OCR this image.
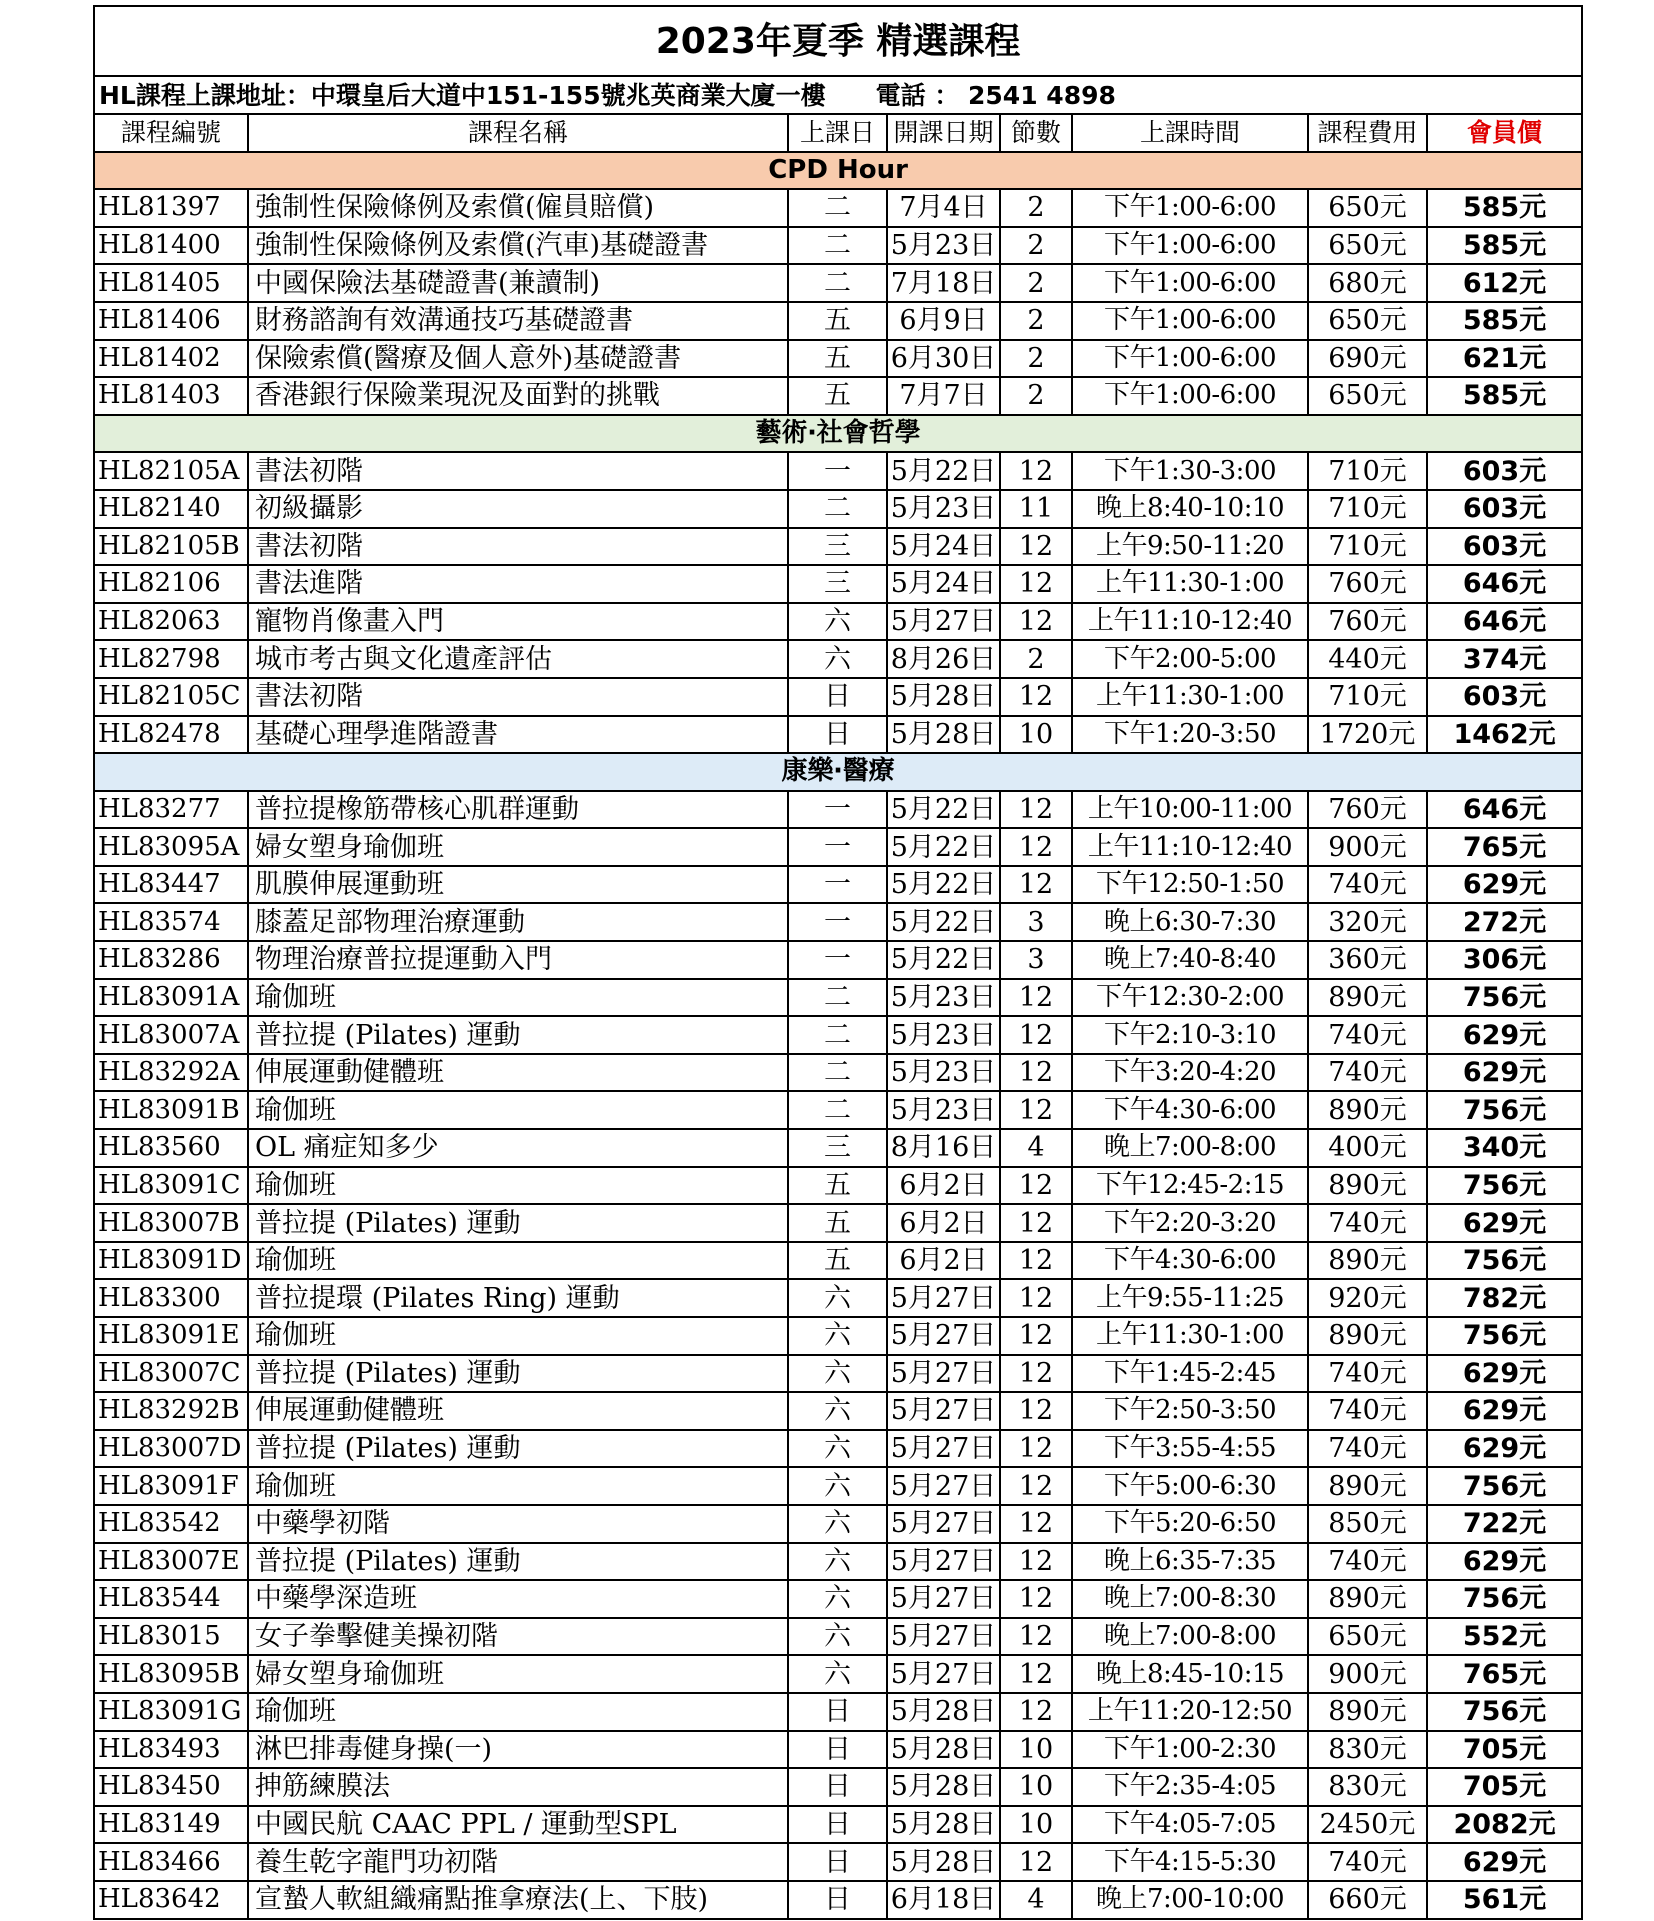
2023年夏季 精選課程							
HL課程上課地址：中環皇后大道中151-155號兆英商業大廈一樓 電話 ： 2541 4898							
課程編號	課程名稱	上課日	開課日期	節數	上課時間	課程費用	會員價
CPD Hour							
HL81397	強制性保險條例及索償(僱員賠償)	二	7月4日	2	下午1:00-6:00	650元	585元
HL81400	強制性保險條例及索償(汽車)基礎證書	二	5月23日	2	下午1:00-6:00	650元	585元
HL81405	中國保險法基礎證書(兼讀制)	二	7月18日	2	下午1:00-6:00	680元	612元
HL81406	財務諮詢有效溝通技巧基礎證書	五	6月9日	2	下午1:00-6:00	650元	585元
HL81402	保險索償(醫療及個人意外)基礎證書	五	6月30日	2	下午1:00-6:00	690元	621元
HL81403	香港銀行保險業現況及面對的挑戰	五	7月7日	2	下午1:00-6:00	650元	585元
藝術‧社會哲學							
HL82105A	書法初階	一	5月22日	12	下午1:30-3:00	710元	603元
HL82140	初級攝影	二	5月23日	11	晚上8:40-10:10	710元	603元
HL82105B	書法初階	三	5月24日	12	上午9:50-11:20	710元	603元
HL82106	書法進階	三	5月24日	12	上午11:30-1:00	760元	646元
HL82063	寵物肖像畫入門	六	5月27日	12	上午11:10-12:40	760元	646元
HL82798	城市考古與文化遺產評估	六	8月26日	2	下午2:00-5:00	440元	374元
HL82105C	書法初階	日	5月28日	12	上午11:30-1:00	710元	603元
HL82478	基礎心理學進階證書	日	5月28日	10	下午1:20-3:50	1720元	1462元
康樂‧醫療							
HL83277	普拉提橡筋帶核心肌群運動	一	5月22日	12	上午10:00-11:00	760元	646元
HL83095A	婦女塑身瑜伽班	一	5月22日	12	上午11:10-12:40	900元	765元
HL83447	肌膜伸展運動班	一	5月22日	12	下午12:50-1:50	740元	629元
HL83574	膝蓋足部物理治療運動	一	5月22日	3	晚上6:30-7:30	320元	272元
HL83286	物理治療普拉提運動入門	一	5月22日	3	晚上7:40-8:40	360元	306元
HL83091A	瑜伽班	二	5月23日	12	下午12:30-2:00	890元	756元
HL83007A	普拉提 (Pilates) 運動	二	5月23日	12	下午2:10-3:10	740元	629元
HL83292A	伸展運動健體班	二	5月23日	12	下午3:20-4:20	740元	629元
HL83091B	瑜伽班	二	5月23日	12	下午4:30-6:00	890元	756元
HL83560	OL 痛症知多少	三	8月16日	4	晚上7:00-8:00	400元	340元
HL83091C	瑜伽班	五	6月2日	12	下午12:45-2:15	890元	756元
HL83007B	普拉提 (Pilates) 運動	五	6月2日	12	下午2:20-3:20	740元	629元
HL83091D	瑜伽班	五	6月2日	12	下午4:30-6:00	890元	756元
HL83300	普拉提環 (Pilates Ring) 運動	六	5月27日	12	上午9:55-11:25	920元	782元
HL83091E	瑜伽班	六	5月27日	12	上午11:30-1:00	890元	756元
HL83007C	普拉提 (Pilates) 運動	六	5月27日	12	下午1:45-2:45	740元	629元
HL83292B	伸展運動健體班	六	5月27日	12	下午2:50-3:50	740元	629元
HL83007D	普拉提 (Pilates) 運動	六	5月27日	12	下午3:55-4:55	740元	629元
HL83091F	瑜伽班	六	5月27日	12	下午5:00-6:30	890元	756元
HL83542	中藥學初階	六	5月27日	12	下午5:20-6:50	850元	722元
HL83007E	普拉提 (Pilates) 運動	六	5月27日	12	晚上6:35-7:35	740元	629元
HL83544	中藥學深造班	六	5月27日	12	晚上7:00-8:30	890元	756元
HL83015	女子拳擊健美操初階	六	5月27日	12	晚上7:00-8:00	650元	552元
HL83095B	婦女塑身瑜伽班	六	5月27日	12	晚上8:45-10:15	900元	765元
HL83091G	瑜伽班	日	5月28日	12	上午11:20-12:50	890元	756元
HL83493	淋巴排毒健身操(一)	日	5月28日	10	下午1:00-2:30	830元	705元
HL83450	抻筋練膜法	日	5月28日	10	下午2:35-4:05	830元	705元
HL83149	中國民航 CAAC PPL / 運動型SPL	日	5月28日	10	下午4:05-7:05	2450元	2082元
HL83466	養生乾字龍門功初階	日	5月28日	12	下午4:15-5:30	740元	629元
HL83642	宣蟄人軟組織痛點推拿療法(上、下肢)	日	6月18日	4	晚上7:00-10:00	660元	561元
